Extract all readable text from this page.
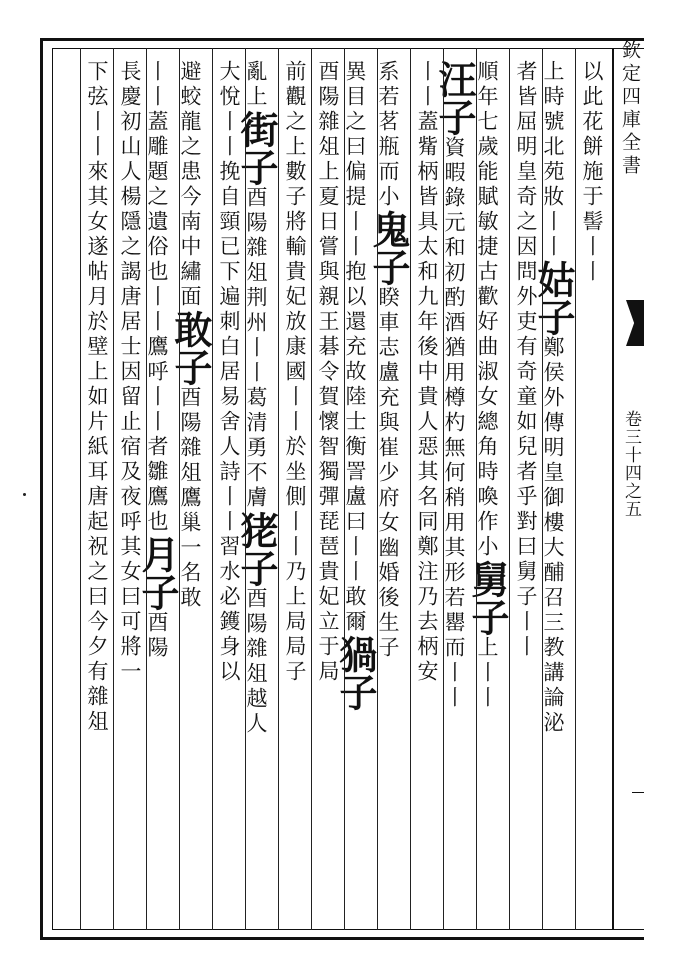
欽定四庫全書
卷三十四之五
以此花餅施于髻丨丨
上時號北苑妝丨丨姑子鄭侯外傳明皇御樓大酺召三教講論泌
者皆屈明皇奇之因問外吏有奇童如兒者乎對曰舅子丨丨
順年七歲能賦敏捷古歡好曲淑女總角時喚作小舅子上丨丨
汪子資暇錄元和初酌酒猶用樽杓無何稍用其形若罌而丨丨
丨丨蓋觜柄皆具太和九年後中貴人惡其名同鄭注乃去柄安
系若茗瓶而小鬼子睽車志盧充與崔少府女幽婚後生子
異目之曰偏提丨丨抱以還充故陸士衡詈盧曰丨丨敢爾猧子
酉陽雜俎上夏日嘗與親王碁令賀懷智獨彈琵琶貴妃立于局
前觀之上數子將輸貴妃放康國丨丨於坐側丨丨乃上局局子
亂上街子酉陽雜俎荆州丨丨葛清勇不膚狫子酉陽雜俎越人
大悅丨丨挽自頸已下遍刺白居易舍人詩丨丨習水必鑊身以
避蛟龍之患今南中繡面敢子酉陽雜俎鷹巢一名敢
丨丨蓋雕題之遺俗也丨丨鷹呼丨丨者雛鷹也月子酉陽
長慶初山人楊隱之謁唐居士因留止宿及夜呼其女曰可將一
下弦丨丨來其女遂帖月於壁上如片紙耳唐起祝之曰今夕有雜俎
